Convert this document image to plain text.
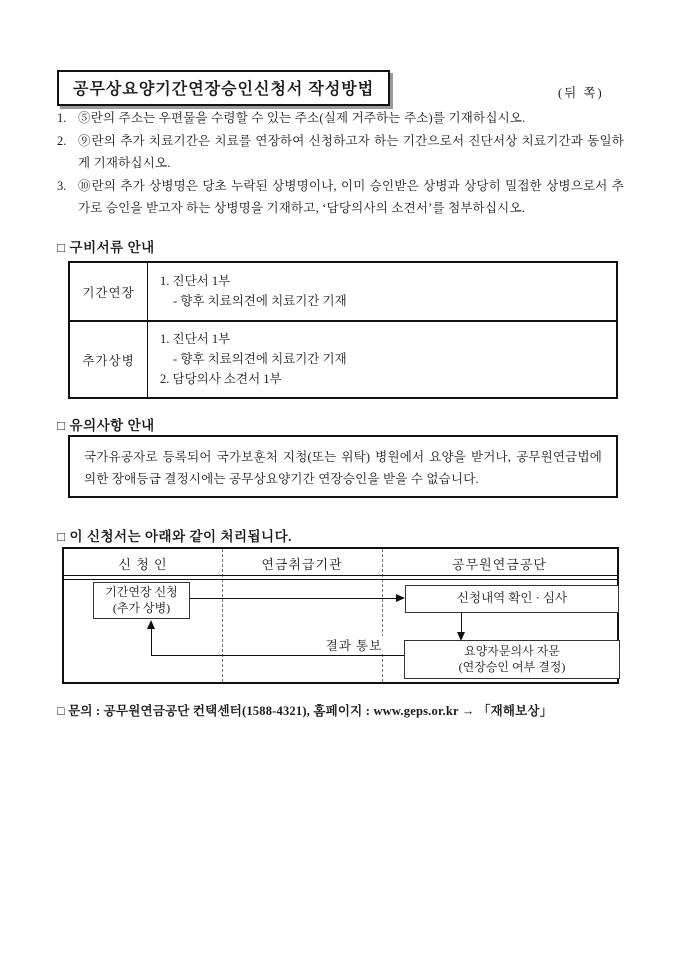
공무상요양기간연장승인신청서 작성방법	(뒤 쪽)
1. ⑤란의 주소는 우편물을 수령할 수 있는 주소(실제 거주하는 주소)를 기재하십시오.
2. ⑨란의 추가 치료기간은 치료를 연장하여 신청하고자 하는 기간으로서 진단서상 치료기간과 동일하게 기재하십시오.
3. ⑩란의 추가 상병명은 당초 누락된 상병명이나, 이미 승인받은 상병과 상당히 밀접한 상병으로서 추가로 승인을 받고자 하는 상병명을 기재하고, ‘담당의사의 소견서’를 첨부하십시오.
□ 구비서류 안내
기간연장
1. 진단서 1부
- 향후 치료의견에 치료기간 기재
추가상병
1. 진단서 1부
- 향후 치료의견에 치료기간 기재
2. 담당의사 소견서 1부
□ 유의사항 안내
국가유공자로 등록되어 국가보훈처 지청(또는 위탁) 병원에서 요양을 받거나, 공무원연금법에 의한 장애등급 결정시에는 공무상요양기간 연장승인을 받을 수 없습니다.
□ 이 신청서는 아래와 같이 처리됩니다.
신 청 인	연금취급기관	공무원연금공단
기간연장 신청
(추가 상병)
신청내역 확인 · 심사
요양자문의사 자문
(연장승인 여부 결정)
결과 통보
□ 문의 : 공무원연금공단 컨택센터(1588-4321), 홈페이지 : www.geps.or.kr → 「재해보상」
